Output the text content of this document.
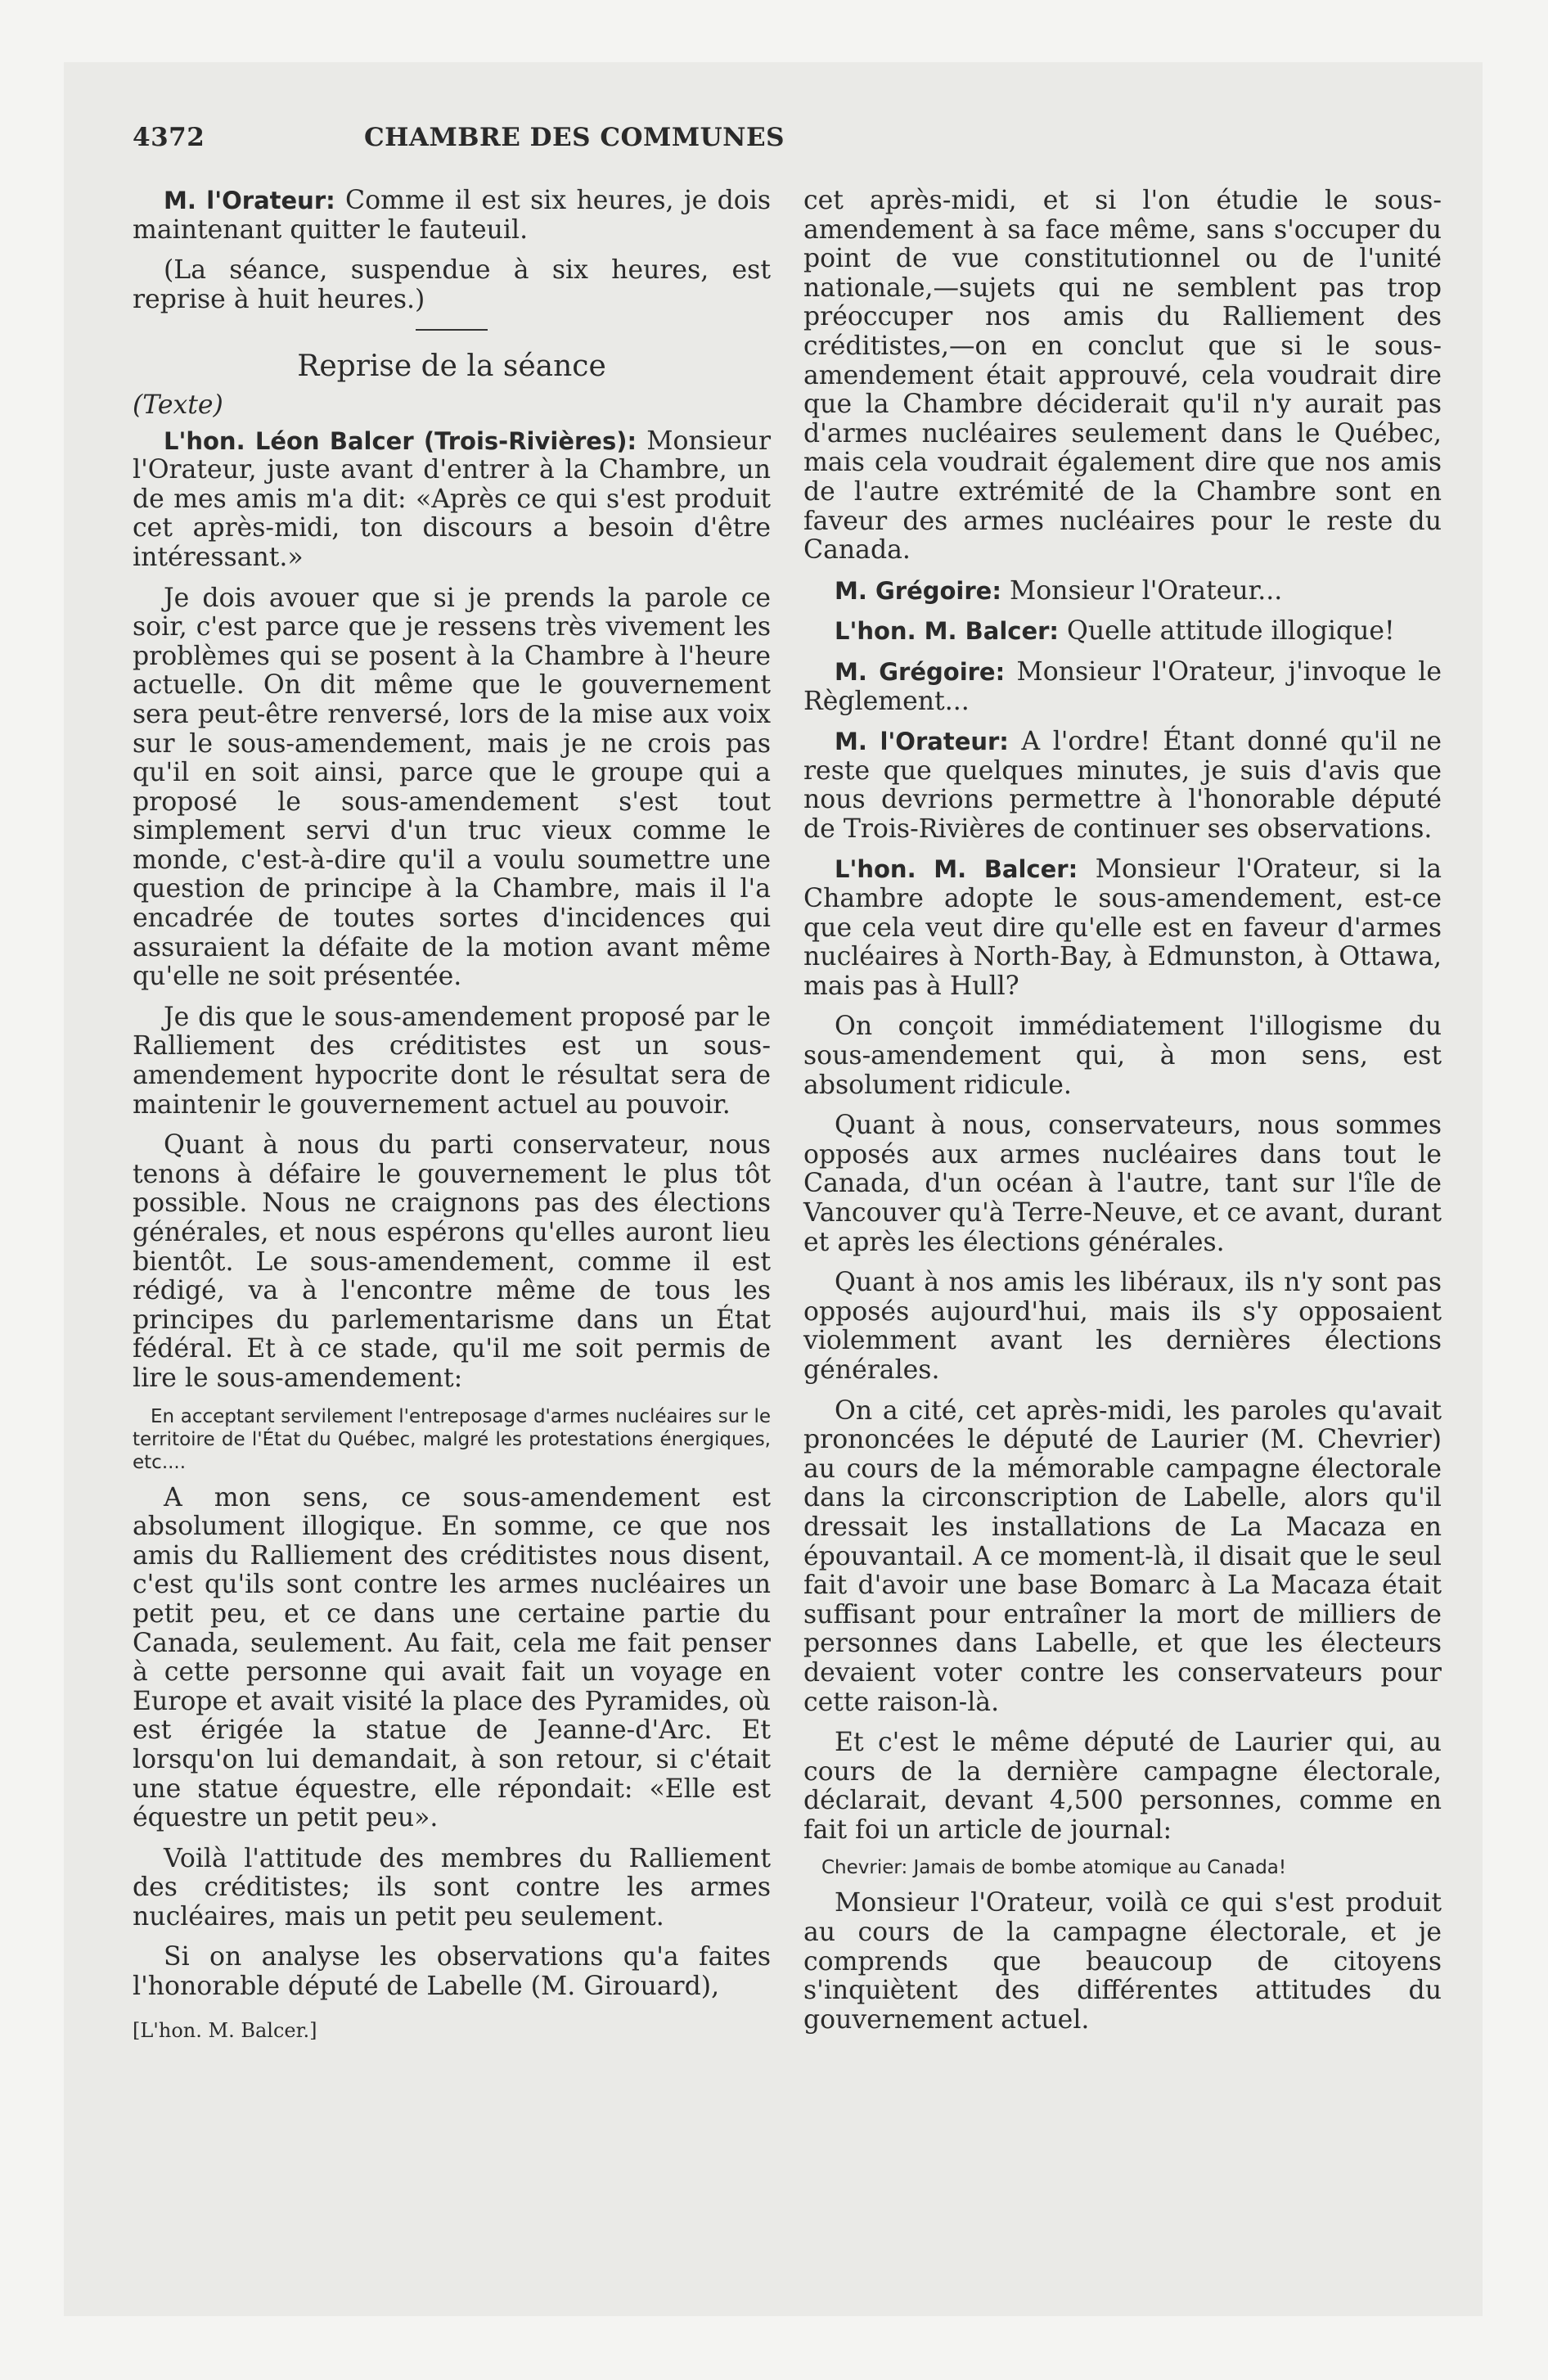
4372	CHAMBRE DES COMMUNES

M. l'Orateur: Comme il est six heures, je dois maintenant quitter le fauteuil.

(La séance, suspendue à six heures, est reprise à huit heures.)

Reprise de la séance

(Texte)

L'hon. Léon Balcer (Trois-Rivières): Monsieur l'Orateur, juste avant d'entrer à la Chambre, un de mes amis m'a dit: «Après ce qui s'est produit cet après-midi, ton discours a besoin d'être intéressant.»

Je dois avouer que si je prends la parole ce soir, c'est parce que je ressens très vivement les problèmes qui se posent à la Chambre à l'heure actuelle. On dit même que le gouvernement sera peut-être renversé, lors de la mise aux voix sur le sous-amendement, mais je ne crois pas qu'il en soit ainsi, parce que le groupe qui a proposé le sous-amendement s'est tout simplement servi d'un truc vieux comme le monde, c'est-à-dire qu'il a voulu soumettre une question de principe à la Chambre, mais il l'a encadrée de toutes sortes d'incidences qui assuraient la défaite de la motion avant même qu'elle ne soit présentée.

Je dis que le sous-amendement proposé par le Ralliement des créditistes est un sous-amendement hypocrite dont le résultat sera de maintenir le gouvernement actuel au pouvoir.

Quant à nous du parti conservateur, nous tenons à défaire le gouvernement le plus tôt possible. Nous ne craignons pas des élections générales, et nous espérons qu'elles auront lieu bientôt. Le sous-amendement, comme il est rédigé, va à l'encontre même de tous les principes du parlementarisme dans un État fédéral. Et à ce stade, qu'il me soit permis de lire le sous-amendement:

En acceptant servilement l'entreposage d'armes nucléaires sur le territoire de l'État du Québec, malgré les protestations énergiques, etc....

A mon sens, ce sous-amendement est absolument illogique. En somme, ce que nos amis du Ralliement des créditistes nous disent, c'est qu'ils sont contre les armes nucléaires un petit peu, et ce dans une certaine partie du Canada, seulement. Au fait, cela me fait penser à cette personne qui avait fait un voyage en Europe et avait visité la place des Pyramides, où est érigée la statue de Jeanne-d'Arc. Et lorsqu'on lui demandait, à son retour, si c'était une statue équestre, elle répondait: «Elle est équestre un petit peu».

Voilà l'attitude des membres du Ralliement des créditistes; ils sont contre les armes nucléaires, mais un petit peu seulement.

Si on analyse les observations qu'a faites l'honorable député de Labelle (M. Girouard),

[L'hon. M. Balcer.]

cet après-midi, et si l'on étudie le sous-amendement à sa face même, sans s'occuper du point de vue constitutionnel ou de l'unité nationale,—sujets qui ne semblent pas trop préoccuper nos amis du Ralliement des créditistes,—on en conclut que si le sous-amendement était approuvé, cela voudrait dire que la Chambre déciderait qu'il n'y aurait pas d'armes nucléaires seulement dans le Québec, mais cela voudrait également dire que nos amis de l'autre extrémité de la Chambre sont en faveur des armes nucléaires pour le reste du Canada.

M. Grégoire: Monsieur l'Orateur...

L'hon. M. Balcer: Quelle attitude illogique!

M. Grégoire: Monsieur l'Orateur, j'invoque le Règlement...

M. l'Orateur: A l'ordre! Étant donné qu'il ne reste que quelques minutes, je suis d'avis que nous devrions permettre à l'honorable député de Trois-Rivières de continuer ses observations.

L'hon. M. Balcer: Monsieur l'Orateur, si la Chambre adopte le sous-amendement, est-ce que cela veut dire qu'elle est en faveur d'armes nucléaires à North-Bay, à Edmunston, à Ottawa, mais pas à Hull?

On conçoit immédiatement l'illogisme du sous-amendement qui, à mon sens, est absolument ridicule.

Quant à nous, conservateurs, nous sommes opposés aux armes nucléaires dans tout le Canada, d'un océan à l'autre, tant sur l'île de Vancouver qu'à Terre-Neuve, et ce avant, durant et après les élections générales.

Quant à nos amis les libéraux, ils n'y sont pas opposés aujourd'hui, mais ils s'y opposaient violemment avant les dernières élections générales.

On a cité, cet après-midi, les paroles qu'avait prononcées le député de Laurier (M. Chevrier) au cours de la mémorable campagne électorale dans la circonscription de Labelle, alors qu'il dressait les installations de La Macaza en épouvantail. A ce moment-là, il disait que le seul fait d'avoir une base Bomarc à La Macaza était suffisant pour entraîner la mort de milliers de personnes dans Labelle, et que les électeurs devaient voter contre les conservateurs pour cette raison-là.

Et c'est le même député de Laurier qui, au cours de la dernière campagne électorale, déclarait, devant 4,500 personnes, comme en fait foi un article de journal:

Chevrier: Jamais de bombe atomique au Canada!

Monsieur l'Orateur, voilà ce qui s'est produit au cours de la campagne électorale, et je comprends que beaucoup de citoyens s'inquiètent des différentes attitudes du gouvernement actuel.
